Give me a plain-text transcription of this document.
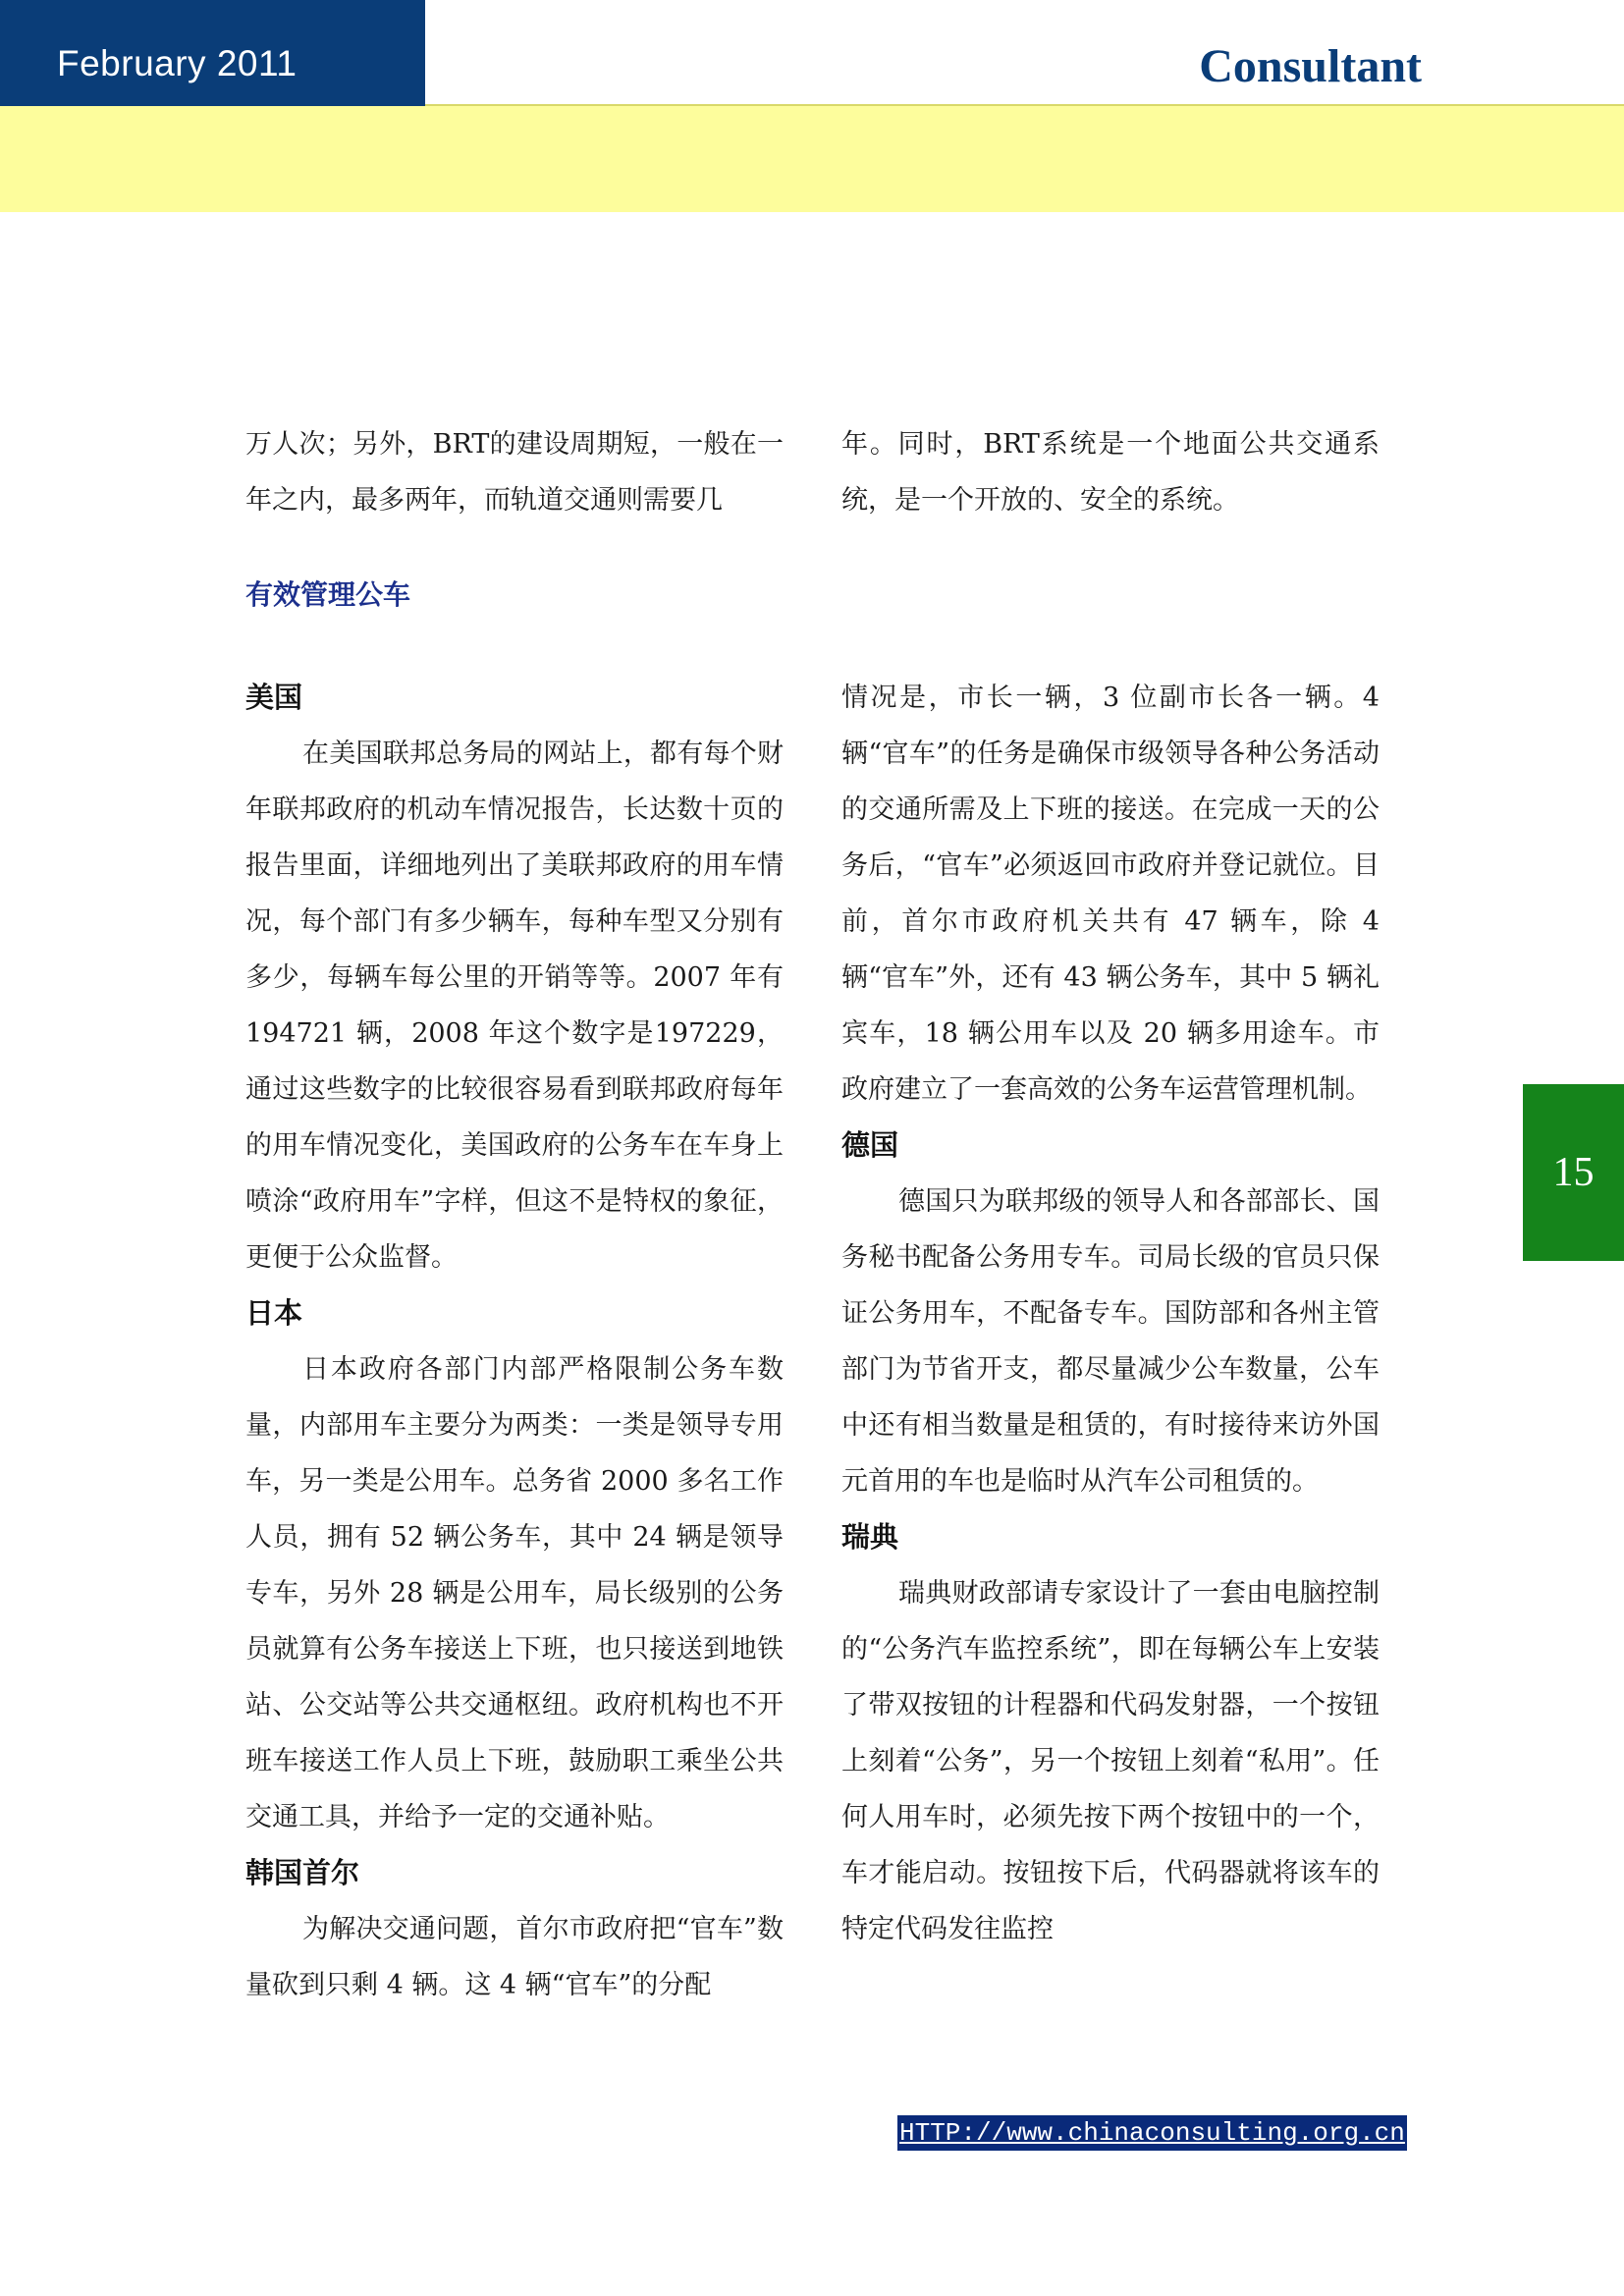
February 2011	Consultant

万人次；另外，BRT的建设周期短，一般在一年之内，最多两年，而轨道交通则需要几

年。同时，BRT系统是一个地面公共交通系统，是一个开放的、安全的系统。

有效管理公车
美国

在美国联邦总务局的网站上，都有每个财年联邦政府的机动车情况报告，长达数十页的报告里面，详细地列出了美联邦政府的用车情况，每个部门有多少辆车，每种车型又分别有多少，每辆车每公里的开销等等。2007 年有 194721 辆，2008 年这个数字是197229，通过这些数字的比较很容易看到联邦政府每年的用车情况变化，美国政府的公务车在车身上喷涂“政府用车”字样，但这不是特权的象征，更便于公众监督。

日本

日本政府各部门内部严格限制公务车数量，内部用车主要分为两类：一类是领导专用车，另一类是公用车。总务省 2000 多名工作人员，拥有 52 辆公务车，其中 24 辆是领导专车，另外 28 辆是公用车，局长级别的公务员就算有公务车接送上下班，也只接送到地铁站、公交站等公共交通枢纽。政府机构也不开班车接送工作人员上下班，鼓励职工乘坐公共交通工具，并给予一定的交通补贴。

韩国首尔

为解决交通问题，首尔市政府把“官车”数量砍到只剩 4 辆。这 4 辆“官车”的分配

情况是，市长一辆，3 位副市长各一辆。4 辆“官车”的任务是确保市级领导各种公务活动的交通所需及上下班的接送。在完成一天的公务后，“官车”必须返回市政府并登记就位。目前，首尔市政府机关共有 47 辆车，除 4 辆“官车”外，还有 43 辆公务车，其中 5 辆礼宾车，18 辆公用车以及 20 辆多用途车。市政府建立了一套高效的公务车运营管理机制。

德国

德国只为联邦级的领导人和各部部长、国务秘书配备公务用专车。司局长级的官员只保证公务用车，不配备专车。国防部和各州主管部门为节省开支，都尽量减少公车数量，公车中还有相当数量是租赁的，有时接待来访外国元首用的车也是临时从汽车公司租赁的。

瑞典

瑞典财政部请专家设计了一套由电脑控制的“公务汽车监控系统”，即在每辆公车上安装了带双按钮的计程器和代码发射器，一个按钮上刻着“公务”，另一个按钮上刻着“私用”。任何人用车时，必须先按下两个按钮中的一个，车才能启动。按钮按下后，代码器就将该车的特定代码发往监控

15
HTTP://www.chinaconsulting.org.cn
